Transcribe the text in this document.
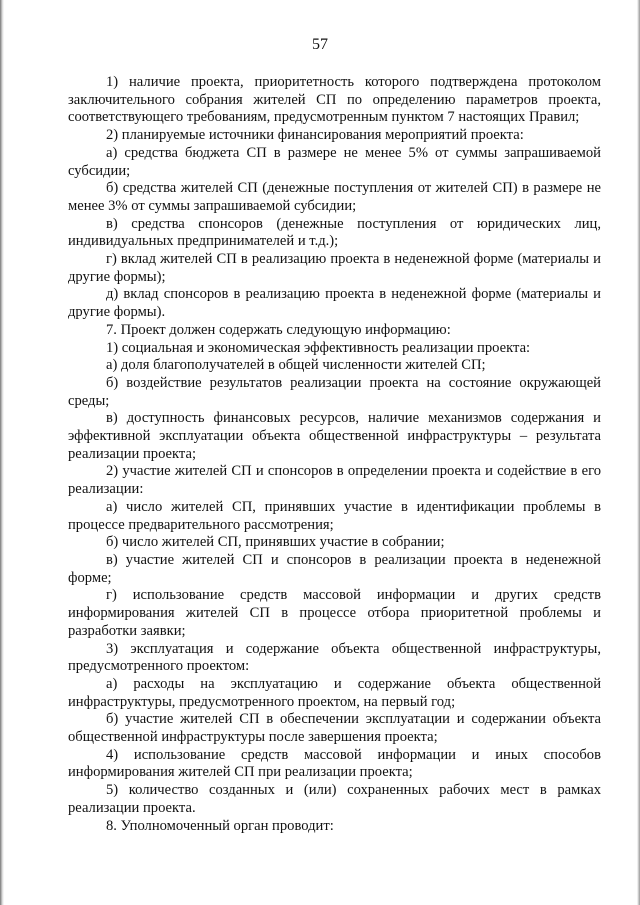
57

1) наличие проекта, приоритетность которого подтверждена протоколом заключительного собрания жителей СП по определению параметров проекта, соответствующего требованиям, предусмотренным пунктом 7 настоящих Правил;

2) планируемые источники финансирования мероприятий проекта:

а) средства бюджета СП в размере не менее 5% от суммы запрашиваемой субсидии;

б) средства жителей СП (денежные поступления от жителей СП) в размере не менее 3% от суммы запрашиваемой субсидии;

в) средства спонсоров (денежные поступления от юридических лиц, индивидуальных предпринимателей и т.д.);

г) вклад жителей СП в реализацию проекта в неденежной форме (материалы и другие формы);

д) вклад спонсоров в реализацию проекта в неденежной форме (материалы и другие формы).

7. Проект должен содержать следующую информацию:

1) социальная и экономическая эффективность реализации проекта:

а) доля благополучателей в общей численности жителей СП;

б) воздействие результатов реализации проекта на состояние окружающей среды;

в) доступность финансовых ресурсов, наличие механизмов содержания и эффективной эксплуатации объекта общественной инфраструктуры – результата реализации проекта;

2) участие жителей СП и спонсоров в определении проекта и содействие в его реализации:

а) число жителей СП, принявших участие в идентификации проблемы в процессе предварительного рассмотрения;

б) число жителей СП, принявших участие в собрании;

в) участие жителей СП и спонсоров в реализации проекта в неденежной форме;

г) использование средств массовой информации и других средств информирования жителей СП в процессе отбора приоритетной проблемы и разработки заявки;

3) эксплуатация и содержание объекта общественной инфраструктуры, предусмотренного проектом:

а) расходы на эксплуатацию и содержание объекта общественной инфраструктуры, предусмотренного проектом, на первый год;

б) участие жителей СП в обеспечении эксплуатации и содержании объекта общественной инфраструктуры после завершения проекта;

4) использование средств массовой информации и иных способов информирования жителей СП при реализации проекта;

5) количество созданных и (или) сохраненных рабочих мест в рамках реализации проекта.

8. Уполномоченный орган проводит:
